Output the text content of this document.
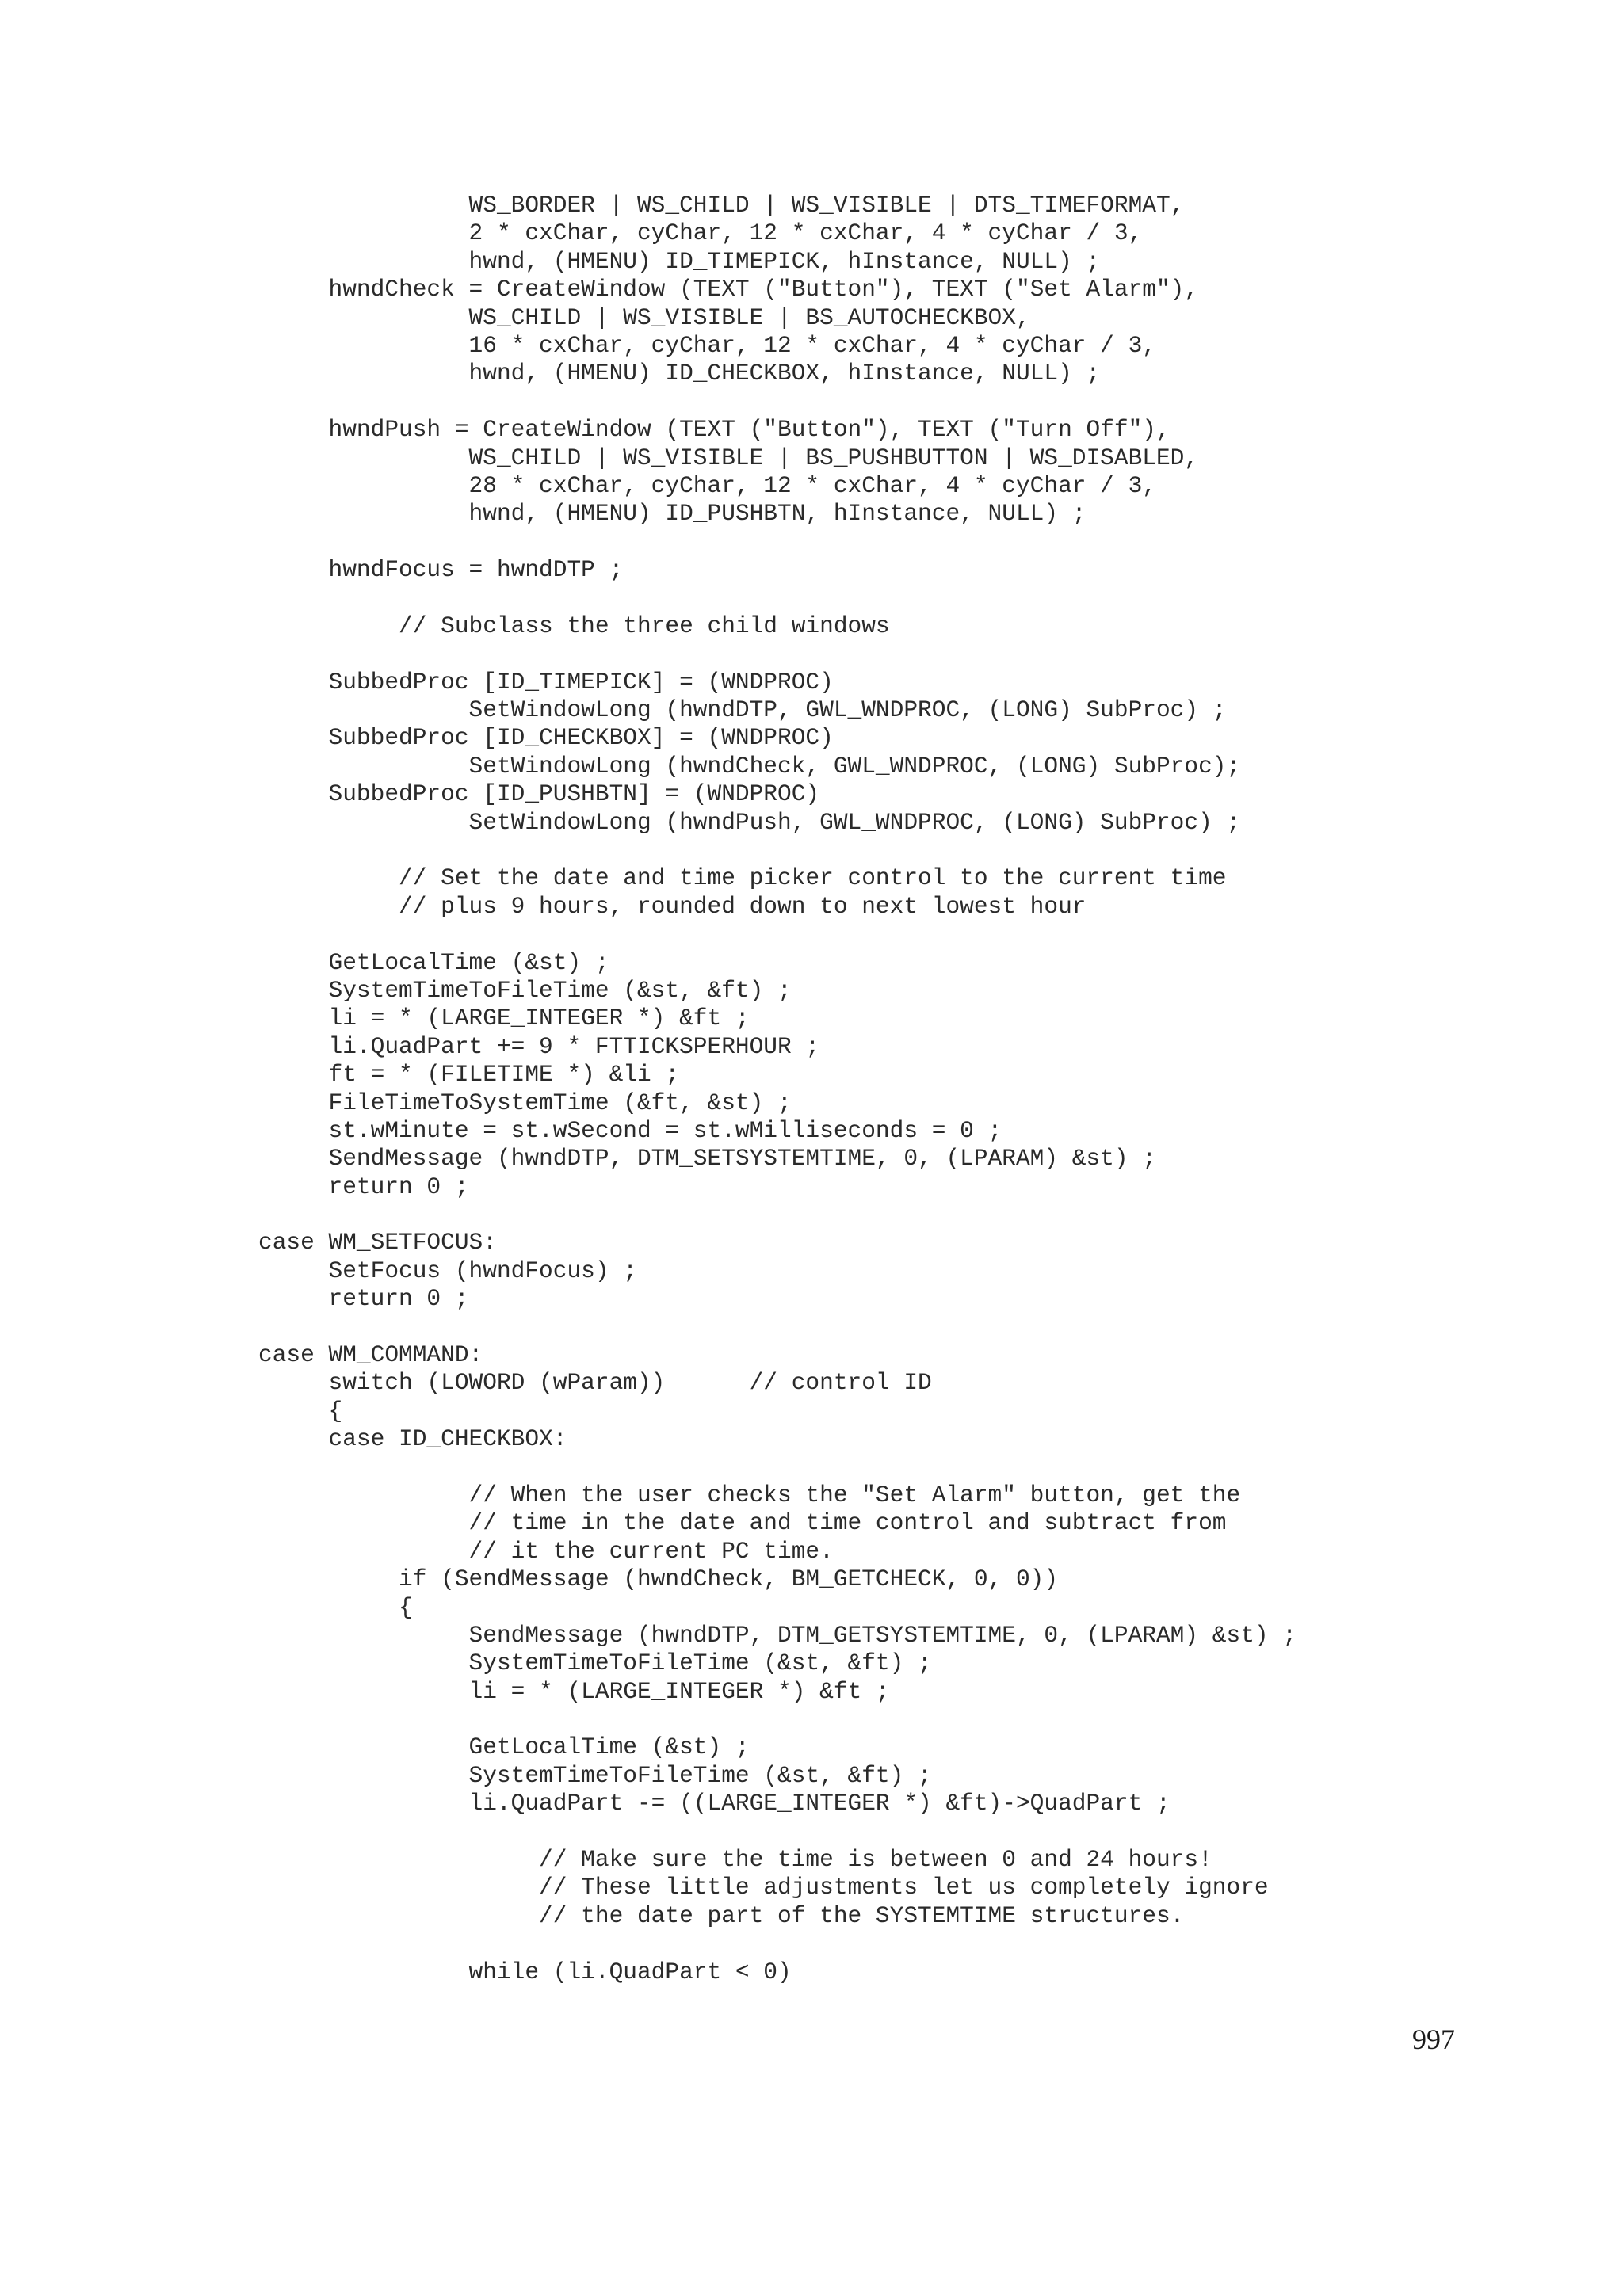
WS_BORDER | WS_CHILD | WS_VISIBLE | DTS_TIMEFORMAT,
2 * cxChar, cyChar, 12 * cxChar, 4 * cyChar / 3,
hwnd, (HMENU) ID_TIMEPICK, hInstance, NULL) ;
hwndCheck = CreateWindow (TEXT ("Button"), TEXT ("Set Alarm"),
WS_CHILD | WS_VISIBLE | BS_AUTOCHECKBOX,
16 * cxChar, cyChar, 12 * cxChar, 4 * cyChar / 3,
hwnd, (HMENU) ID_CHECKBOX, hInstance, NULL) ;
hwndPush = CreateWindow (TEXT ("Button"), TEXT ("Turn Off"),
WS_CHILD | WS_VISIBLE | BS_PUSHBUTTON | WS_DISABLED,
28 * cxChar, cyChar, 12 * cxChar, 4 * cyChar / 3,
hwnd, (HMENU) ID_PUSHBTN, hInstance, NULL) ;
hwndFocus = hwndDTP ;
// Subclass the three child windows
SubbedProc [ID_TIMEPICK] = (WNDPROC)
SetWindowLong (hwndDTP, GWL_WNDPROC, (LONG) SubProc) ;
SubbedProc [ID_CHECKBOX] = (WNDPROC)
SetWindowLong (hwndCheck, GWL_WNDPROC, (LONG) SubProc);
SubbedProc [ID_PUSHBTN] = (WNDPROC)
SetWindowLong (hwndPush, GWL_WNDPROC, (LONG) SubProc) ;
// Set the date and time picker control to the current time
// plus 9 hours, rounded down to next lowest hour
GetLocalTime (&st) ;
SystemTimeToFileTime (&st, &ft) ;
li = * (LARGE_INTEGER *) &ft ;
li.QuadPart += 9 * FTTICKSPERHOUR ;
ft = * (FILETIME *) &li ;
FileTimeToSystemTime (&ft, &st) ;
st.wMinute = st.wSecond = st.wMilliseconds = 0 ;
SendMessage (hwndDTP, DTM_SETSYSTEMTIME, 0, (LPARAM) &st) ;
return 0 ;
case WM_SETFOCUS:
SetFocus (hwndFocus) ;
return 0 ;
case WM_COMMAND:
switch (LOWORD (wParam))      // control ID
{
case ID_CHECKBOX:
// When the user checks the "Set Alarm" button, get the
// time in the date and time control and subtract from
// it the current PC time.
if (SendMessage (hwndCheck, BM_GETCHECK, 0, 0))
{
SendMessage (hwndDTP, DTM_GETSYSTEMTIME, 0, (LPARAM) &st) ;
SystemTimeToFileTime (&st, &ft) ;
li = * (LARGE_INTEGER *) &ft ;
GetLocalTime (&st) ;
SystemTimeToFileTime (&st, &ft) ;
li.QuadPart -= ((LARGE_INTEGER *) &ft)->QuadPart ;
// Make sure the time is between 0 and 24 hours!
// These little adjustments let us completely ignore
// the date part of the SYSTEMTIME structures.
while (li.QuadPart < 0)
997
